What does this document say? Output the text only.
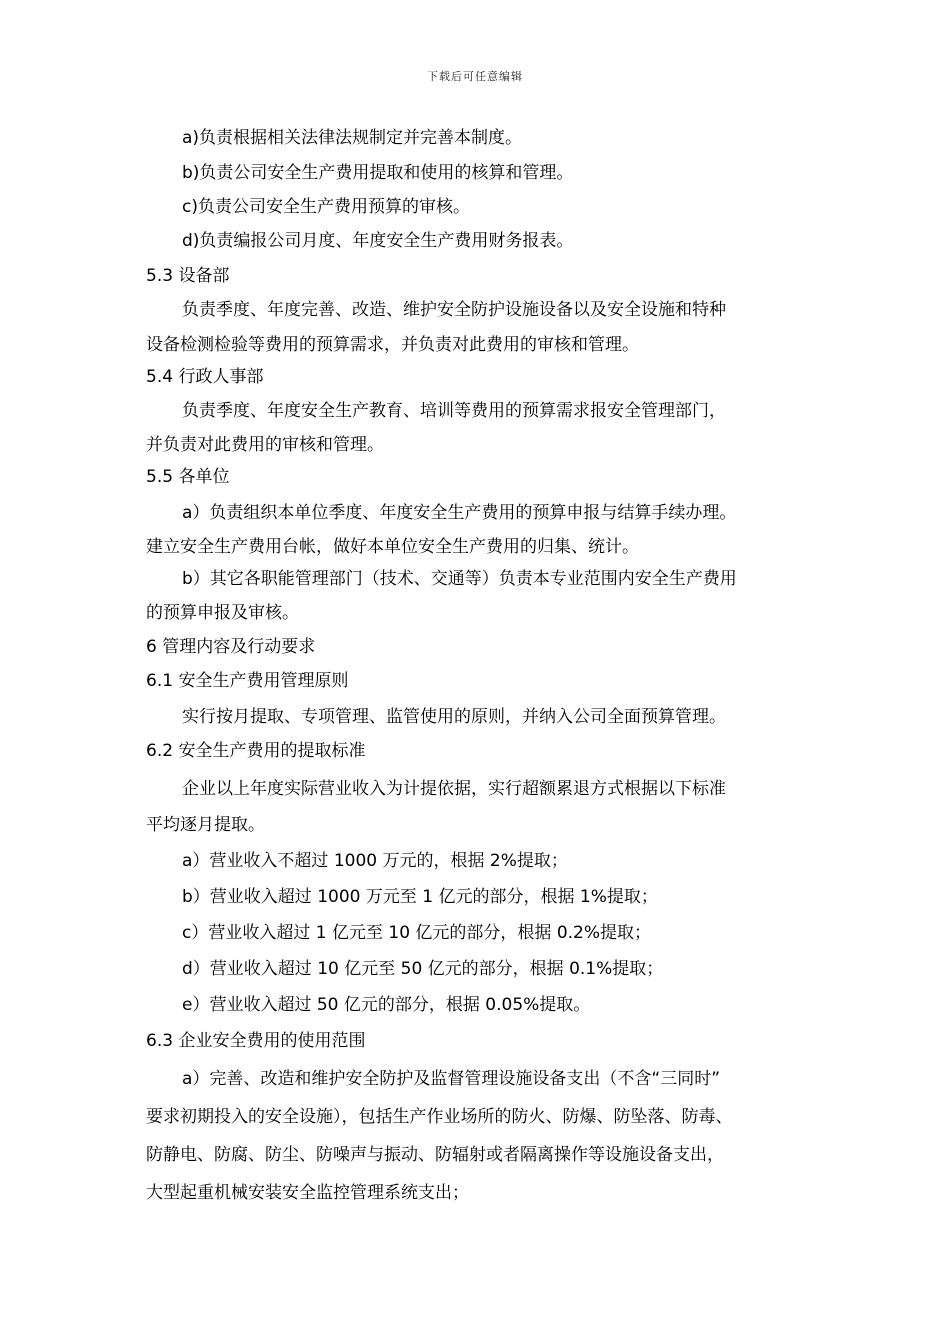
下载后可任意编辑
a)负责根据相关法律法规制定并完善本制度。
b)负责公司安全生产费用提取和使用的核算和管理。
c)负责公司安全生产费用预算的审核。
d)负责编报公司月度、年度安全生产费用财务报表。
5.3 设备部
负责季度、年度完善、改造、维护安全防护设施设备以及安全设施和特种
设备检测检验等费用的预算需求，并负责对此费用的审核和管理。
5.4 行政人事部
负责季度、年度安全生产教育、培训等费用的预算需求报安全管理部门，
并负责对此费用的审核和管理。
5.5 各单位
a）负责组织本单位季度、年度安全生产费用的预算申报与结算手续办理。
建立安全生产费用台帐，做好本单位安全生产费用的归集、统计。
b）其它各职能管理部门（技术、交通等）负责本专业范围内安全生产费用
的预算申报及审核。
6 管理内容及行动要求
6.1 安全生产费用管理原则
实行按月提取、专项管理、监管使用的原则，并纳入公司全面预算管理。
6.2 安全生产费用的提取标准
企业以上年度实际营业收入为计提依据，实行超额累退方式根据以下标准
平均逐月提取。
a）营业收入不超过 1000 万元的，根据 2%提取；
b）营业收入超过 1000 万元至 1 亿元的部分，根据 1%提取；
c）营业收入超过 1 亿元至 10 亿元的部分，根据 0.2%提取；
d）营业收入超过 10 亿元至 50 亿元的部分，根据 0.1%提取；
e）营业收入超过 50 亿元的部分，根据 0.05%提取。
6.3 企业安全费用的使用范围
a）完善、改造和维护安全防护及监督管理设施设备支出（不含“三同时”
要求初期投入的安全设施），包括生产作业场所的防火、防爆、防坠落、防毒、
防静电、防腐、防尘、防噪声与振动、防辐射或者隔离操作等设施设备支出，
大型起重机械安装安全监控管理系统支出；
